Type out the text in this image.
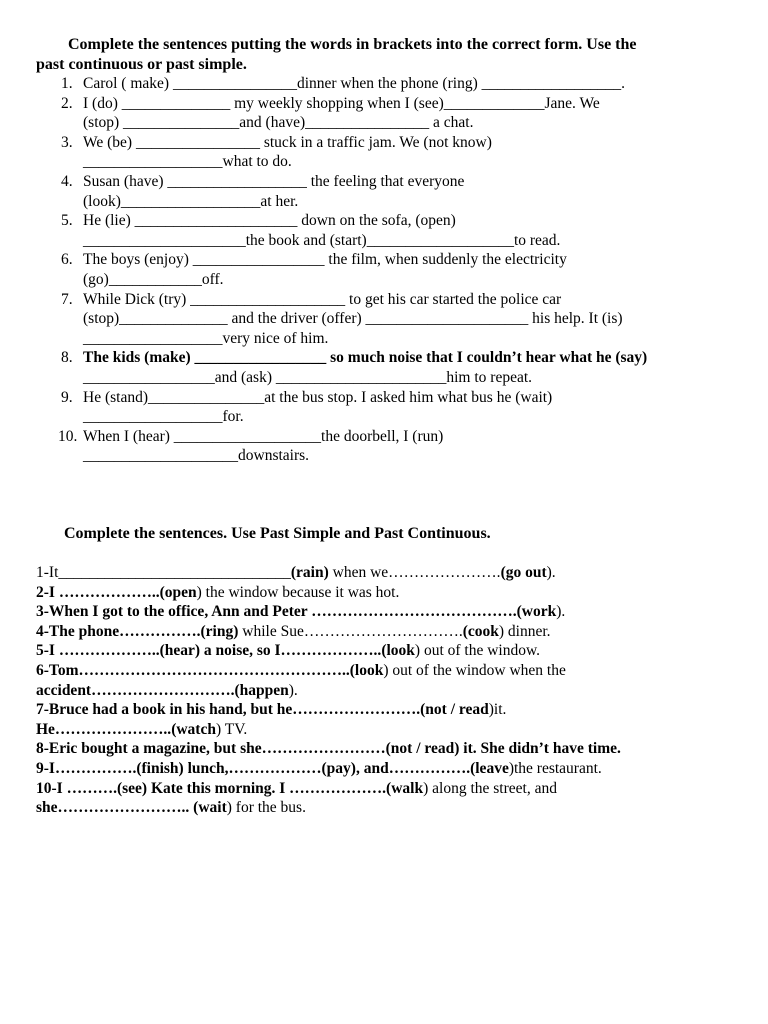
Complete the sentences putting the words in brackets into the correct form. Use the
past continuous or past simple.
1. Carol ( make) ________________dinner when the phone (ring) __________________.
2. I (do) ______________ my weekly shopping when I (see)_____________Jane. We
(stop) _______________and (have)________________ a chat.
3. We (be) ________________ stuck in a traffic jam. We (not know)
__________________what to do.
4. Susan (have) __________________ the feeling that everyone
(look)__________________at her.
5. He (lie) _____________________ down on the sofa, (open)
_____________________the book and (start)___________________to read.
6. The boys (enjoy) _________________ the film, when suddenly the electricity
(go)____________off.
7. While Dick (try) ____________________ to get his car started the police car
(stop)______________ and the driver (offer) _____________________ his help. It (is)
__________________very nice of him.
8. The kids (make) _________________ so much noise that I couldn’t hear what he (say)
_________________and (ask) ______________________him to repeat.
9. He (stand)_______________at the bus stop. I asked him what bus he (wait)
__________________for.
10. When I (hear) ___________________the doorbell, I (run)
____________________downstairs.
Complete the sentences. Use Past Simple and Past Continuous.
1-It______________________________(rain) when we………………….(go out).
2-I ………………..(open) the window because it was hot.
3-When I got to the office, Ann and Peter ………………………………….(work).
4-The phone…………….(ring) while Sue………………………….(cook) dinner.
5-I ………………..(hear) a noise, so I………………..(look) out of the window.
6-Tom……………………………………………..(look) out of the window when the
accident……………………….(happen).
7-Bruce had a book in his hand, but he…………………….(not / read)it.
He…………………..(watch) TV.
8-Eric bought a magazine, but she……………………(not / read) it. She didn’t have time.
9-I…………….(finish) lunch,………………(pay), and…………….(leave)the restaurant.
10-I ……….(see) Kate this morning. I ……………….(walk) along the street, and
she…………………….. (wait) for the bus.
